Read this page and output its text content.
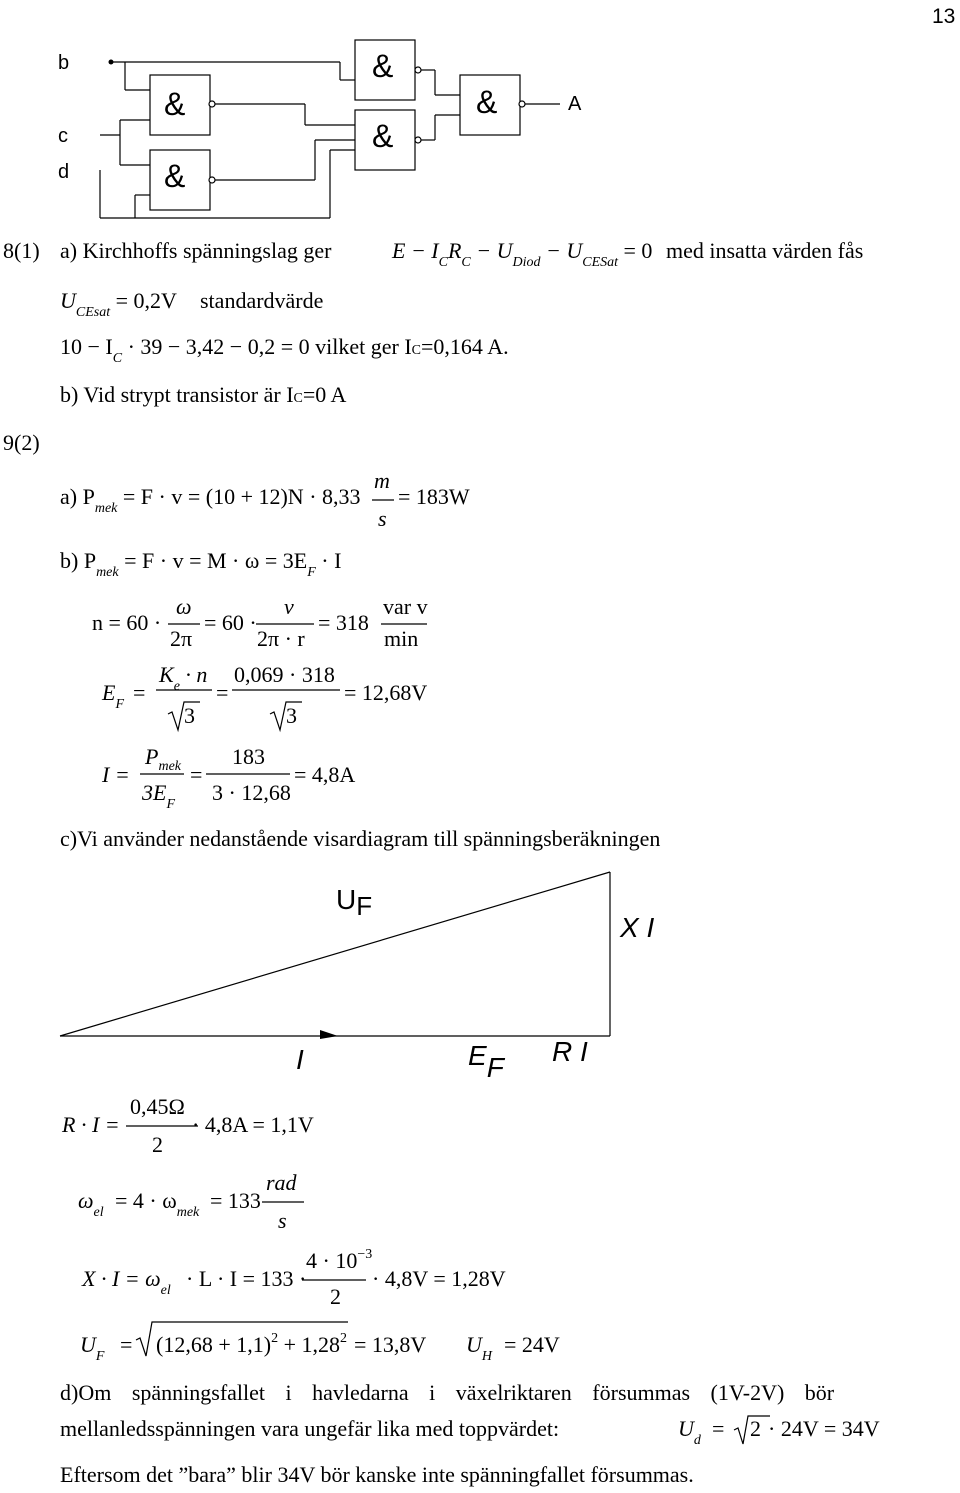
13
b
c
d
&
&
&
&
&	A
8(1) a) Kirchhoffs spänningslag ger	$E - I_CR_C - U_{Diod} - U_{CESat} = 0$ med insatta värden fås
$U_{CEsat} = 0,2V$ standardvärde
$10 - I_C \cdot 39 - 3,42 - 0,2 = 0$ vilket ger IC=0,164 A.
b) Vid strypt transistor är IC=0 A
9(2)
a) $P_{mek} = F \cdot v = (10 + 12)N \cdot 8,33$
m
s
= 183W
b) $P_{mek} = F \cdot v = M \cdot \omega = 3E_F \cdot I$
n = 60 ·
ω
2π
= 60 ·
v
2π · r
= 318
var v
min
$E_F$ =
$K_e \cdot n$
3
=
0,069 · 318
3
= 12,68V
I =
$P_{mek}$
$3E_F$
=
183
3 · 12,68
= 4,8A
c)Vi använder nedanstående visardiagram till spänningsberäkningen
UF
X I
I	EF
R I
R · I =
0,45Ω
2
· 4,8A = 1,1V
$\omega_{el} = 4 \cdot \omega_{mek} = 133$
rad
s
$X \cdot I = \omega_{el} \cdot L \cdot I = 133$ ·
$4 \cdot 10^{-3}$
2
· 4,8V = 1,28V
$U_F = (12,68 + 1,1)^2 + 1,28^2 = 13,8V$ $U_H = 24V$
d)Om spänningsfallet i havledarna i växelriktaren försummas (1V-2V) bör
mellanledsspänningen vara ungefär lika med toppvärdet:	$U_d = 2 \cdot 24V = 34V$
Eftersom det ”bara” blir 34V bör kanske inte spänningfallet försummas.
